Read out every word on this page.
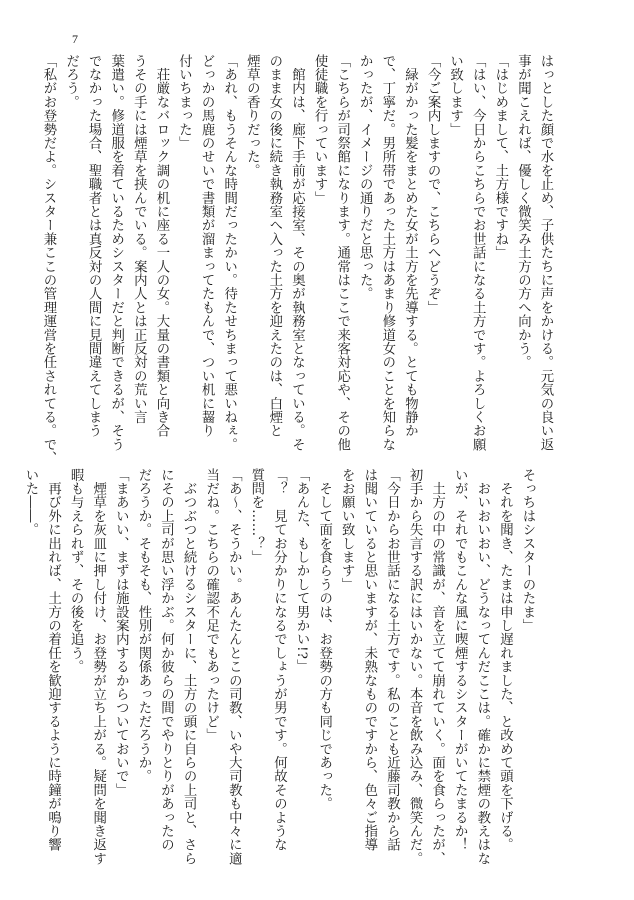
7
はっとした顔で水を止め、子供たちに声をかける。元気の良い返
事が聞こえれば、優しく微笑み土方の方へ向かう。
「はじめまして、土方様ですね」
「はい、今日からこちらでお世話になる土方です。よろしくお願
い致します」
「今ご案内しますので、こちらへどうぞ」
　緑がかった髪をまとめた女が土方を先導する。とても物静か
で、丁寧だ。男所帯であった土方はあまり修道女のことを知らな
かったが、イメージの通りだと思った。
「こちらが司祭館になります。通常はここで来客対応や、その他
使徒職を行っています」
　館内は、廊下手前が応接室、その奥が執務室となっている。そ
のまま女の後に続き執務室へ入った土方を迎えたのは、白煙と
煙草の香りだった。
「あれ、もうそんな時間だったかい。待たせちまって悪いねぇ。
どっかの馬鹿のせいで書類が溜まってたもんで、つい机に齧り
付いちまった」
　荘厳なバロック調の机に座る一人の女。大量の書類と向き合
うその手には煙草を挟んでいる。案内人とは正反対の荒い言
葉遣い。修道服を着ているためシスターだと判断できるが、そう
でなかった場合、聖職者とは真反対の人間に見間違えてしまう
だろう。
「私がお登勢だよ。シスター兼ここの管理運営を任されてる。で、
そっちはシスターのたま」
　それを聞き、たまは申し遅れました、と改めて頭を下げる。
　おいおいおい、どうなってんだここは。確かに禁煙の教えはな
いが、それでもこんな風に喫煙するシスターがいてたまるか！
　土方の中の常識が、音を立てて崩れていく。面を食らったが、
初手から失言する訳にはいかない。本音を飲み込み、微笑んだ。
「今日からお世話になる土方です。私のことも近藤司教から話
は聞いていると思いますが、未熟なものですから、色々ご指導
をお願い致します」
　そして面を食らうのは、お登勢の方も同じであった。
「あんた、もしかして男かい!?」
「？　見てお分かりになるでしょうが男です。何故そのような
質問を……？」
「あ〜、そうかい。あんたんとこの司教、いや大司教も中々に適
当だね。こちらの確認不足でもあったけど」
　ぶつぶつと続けるシスターに、土方の頭に自らの上司と、さら
にその上司が思い浮かぶ。何か彼らの間でやりとりがあったの
だろうか。そもそも、性別が関係あっただろうか。
「まあいい、まずは施設案内するからついておいで」
　煙草を灰皿に押し付け、お登勢が立ち上がる。疑問を聞き返す
暇も与えられず、その後を追う。
　再び外に出れば、土方の着任を歓迎するように時鐘が鳴り響
いた――。
